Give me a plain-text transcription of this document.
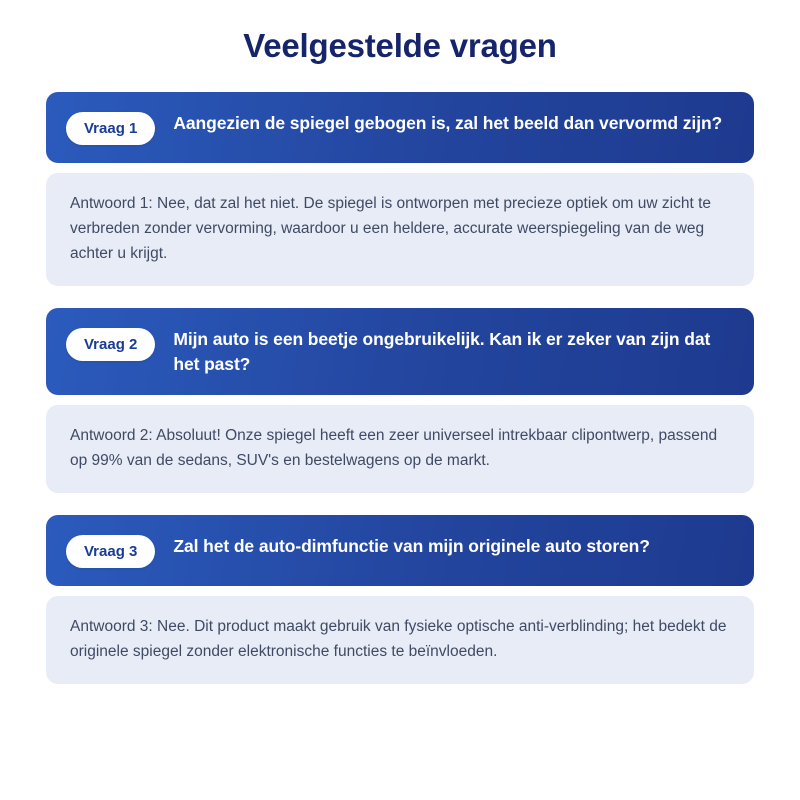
Veelgestelde vragen
Vraag 1	Aangezien de spiegel gebogen is, zal het beeld dan vervormd zijn?

Antwoord 1: Nee, dat zal het niet. De spiegel is ontworpen met precieze optiek om uw zicht te verbreden zonder vervorming, waardoor u een heldere, accurate weerspiegeling van de weg achter u krijgt.

Vraag 2	Mijn auto is een beetje ongebruikelijk. Kan ik er zeker van zijn dat het past?

Antwoord 2: Absoluut! Onze spiegel heeft een zeer universeel intrekbaar clipontwerp, passend op 99% van de sedans, SUV's en bestelwagens op de markt.

Vraag 3	Zal het de auto-dimfunctie van mijn originele auto storen?

Antwoord 3: Nee. Dit product maakt gebruik van fysieke optische anti-verblinding; het bedekt de originele spiegel zonder elektronische functies te beïnvloeden.
